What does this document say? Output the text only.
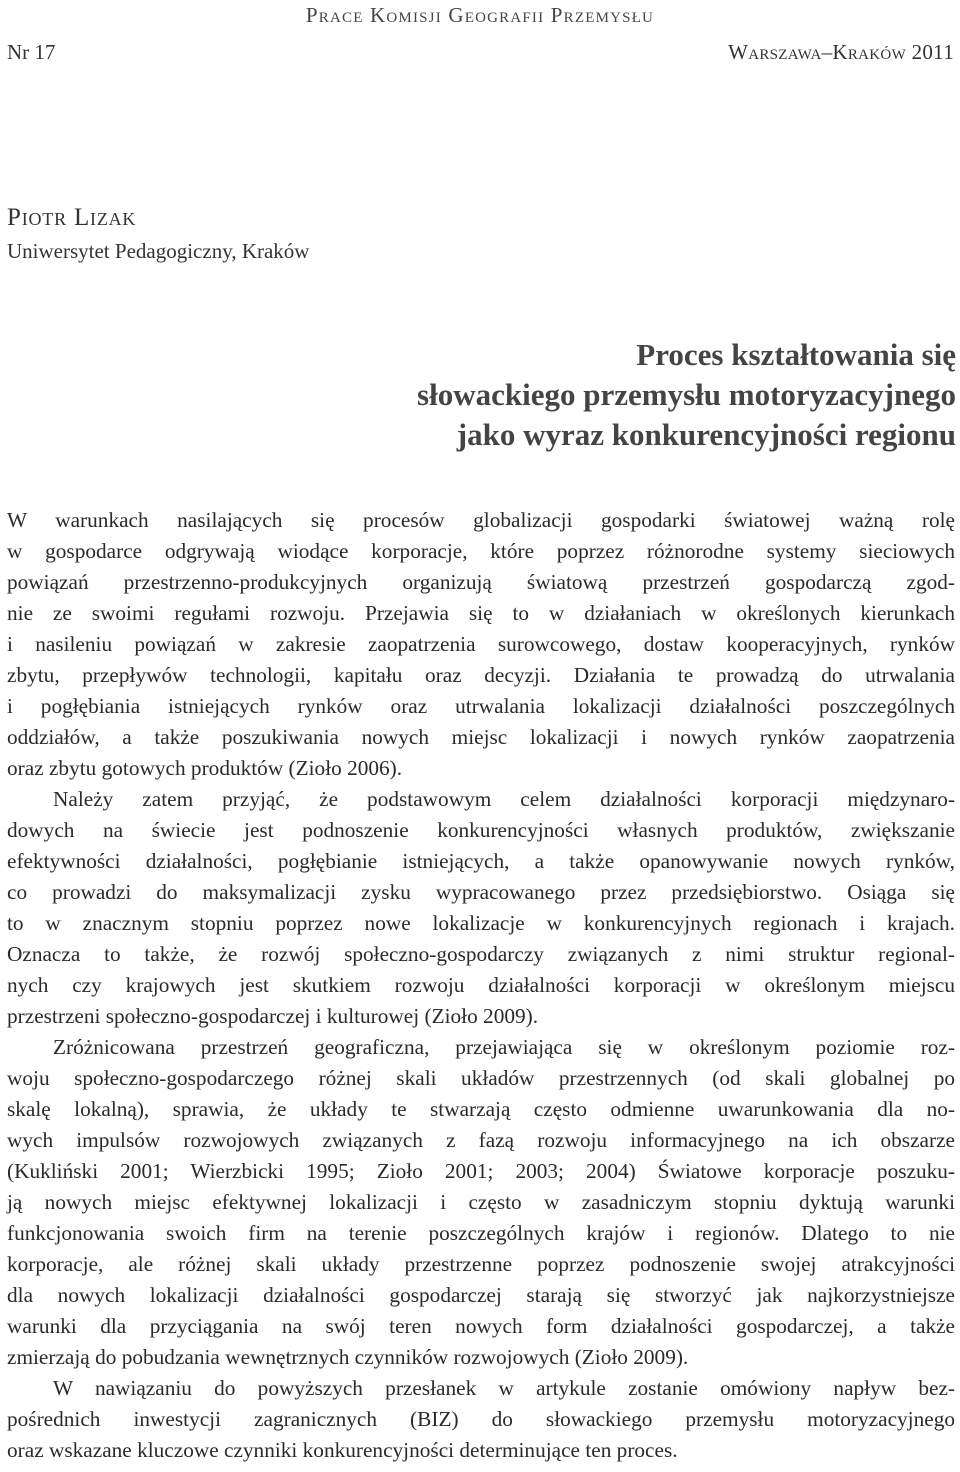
Prace Komisji Geografii Przemysłu
Nr 17	Warszawa–Kraków 2011
Piotr Lizak
Uniwersytet Pedagogiczny, Kraków
Proces kształtowania się
słowackiego przemysłu motoryzacyjnego
jako wyraz konkurencyjności regionu

W warunkach nasilających się procesów globalizacji gospodarki światowej ważną rolę
w gospodarce odgrywają wiodące korporacje, które poprzez różnorodne systemy sieciowych
powiązań przestrzenno-produkcyjnych organizują światową przestrzeń gospodarczą zgod-
nie ze swoimi regułami rozwoju. Przejawia się to w działaniach w określonych kierunkach
i nasileniu powiązań w zakresie zaopatrzenia surowcowego, dostaw kooperacyjnych, rynków
zbytu, przepływów technologii, kapitału oraz decyzji. Działania te prowadzą do utrwalania
i pogłębiania istniejących rynków oraz utrwalania lokalizacji działalności poszczególnych
oddziałów, a także poszukiwania nowych miejsc lokalizacji i nowych rynków zaopatrzenia
oraz zbytu gotowych produktów (Zioło 2006).

Należy zatem przyjąć, że podstawowym celem działalności korporacji międzynaro-
dowych na świecie jest podnoszenie konkurencyjności własnych produktów, zwiększanie
efektywności działalności, pogłębianie istniejących, a także opanowywanie nowych rynków,
co prowadzi do maksymalizacji zysku wypracowanego przez przedsiębiorstwo. Osiąga się
to w znacznym stopniu poprzez nowe lokalizacje w konkurencyjnych regionach i krajach.
Oznacza to także, że rozwój społeczno-gospodarczy związanych z nimi struktur regional-
nych czy krajowych jest skutkiem rozwoju działalności korporacji w określonym miejscu
przestrzeni społeczno-gospodarczej i kulturowej (Zioło 2009).

Zróżnicowana przestrzeń geograficzna, przejawiająca się w określonym poziomie roz-
woju społeczno-gospodarczego różnej skali układów przestrzennych (od skali globalnej po
skalę lokalną), sprawia, że układy te stwarzają często odmienne uwarunkowania dla no-
wych impulsów rozwojowych związanych z fazą rozwoju informacyjnego na ich obszarze
(Kukliński 2001; Wierzbicki 1995; Zioło 2001; 2003; 2004) Światowe korporacje poszuku-
ją nowych miejsc efektywnej lokalizacji i często w zasadniczym stopniu dyktują warunki
funkcjonowania swoich firm na terenie poszczególnych krajów i regionów. Dlatego to nie
korporacje, ale różnej skali układy przestrzenne poprzez podnoszenie swojej atrakcyjności
dla nowych lokalizacji działalności gospodarczej starają się stworzyć jak najkorzystniejsze
warunki dla przyciągania na swój teren nowych form działalności gospodarczej, a także
zmierzają do pobudzania wewnętrznych czynników rozwojowych (Zioło 2009).

W nawiązaniu do powyższych przesłanek w artykule zostanie omówiony napływ bez-
pośrednich inwestycji zagranicznych (BIZ) do słowackiego przemysłu motoryzacyjnego
oraz wskazane kluczowe czynniki konkurencyjności determinujące ten proces.
